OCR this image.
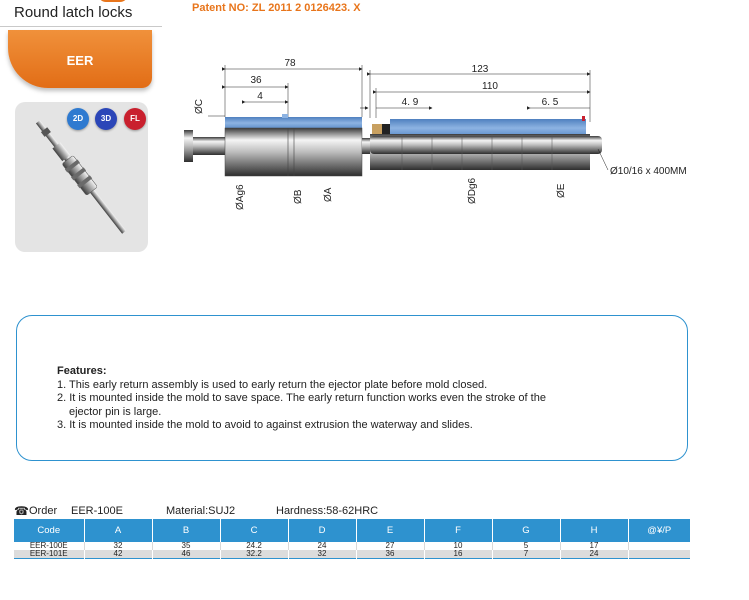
Round latch locks	Patent NO: ZL 2011 2 0126423. X
EER
2D	3D	FL
78
36
4
123
110
4. 9	6. 5
ØC
Ø10/16 x 400MM
ØAg6	ØB ØA	ØDg6	ØE
Features:
1. This early return assembly is used to early return the ejector plate before mold closed.
2. It is mounted inside the mold to save space. The early return function works even the stroke of the
ejector pin is large.
3. It is mounted inside the mold to avoid to against extrusion the waterway and slides.
☎ Order EER-100E	Material:SUJ2	Hardness:58-62HRC
Code	A	B	C	D	E	F	G	H	@¥/P
EER-100E	32	35	24.2	24	27	10	5	17	
EER-101E	42	46	32.2	32	36	16	7	24	
